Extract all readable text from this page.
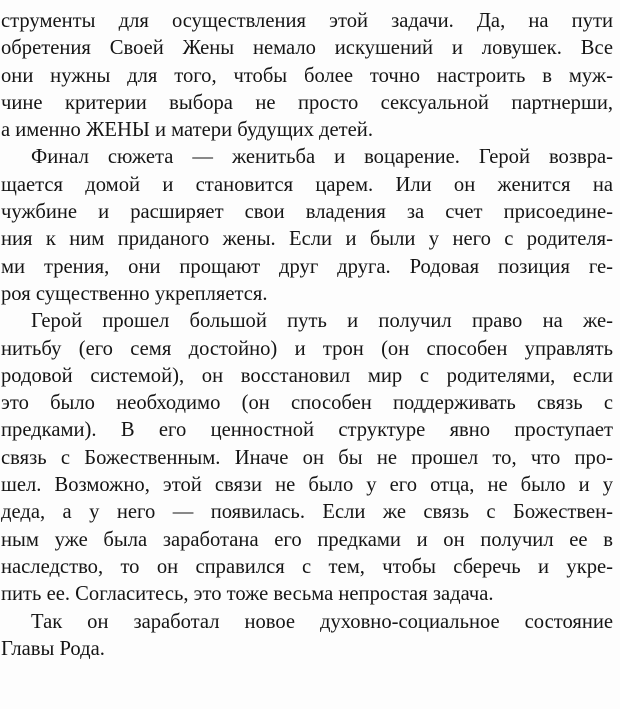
струменты для осуществления этой задачи. Да, на пути
обретения Своей Жены немало искушений и ловушек. Все
они нужны для того, чтобы более точно настроить в муж-
чине критерии выбора не просто сексуальной партнерши,
а именно ЖЕНЫ и матери будущих детей.
Финал сюжета — женитьба и воцарение. Герой возвра-
щается домой и становится царем. Или он женится на
чужбине и расширяет свои владения за счет присоедине-
ния к ним приданого жены. Если и были у него с родителя-
ми трения, они прощают друг друга. Родовая позиция ге-
роя существенно укрепляется.
Герой прошел большой путь и получил право на же-
нитьбу (его семя достойно) и трон (он способен управлять
родовой системой), он восстановил мир с родителями, если
это было необходимо (он способен поддерживать связь с
предками). В его ценностной структуре явно проступает
связь с Божественным. Иначе он бы не прошел то, что про-
шел. Возможно, этой связи не было у его отца, не было и у
деда, а у него — появилась. Если же связь с Божествен-
ным уже была заработана его предками и он получил ее в
наследство, то он справился с тем, чтобы сберечь и укре-
пить ее. Согласитесь, это тоже весьма непростая задача.
Так он заработал новое духовно-социальное состояние
Главы Рода.
